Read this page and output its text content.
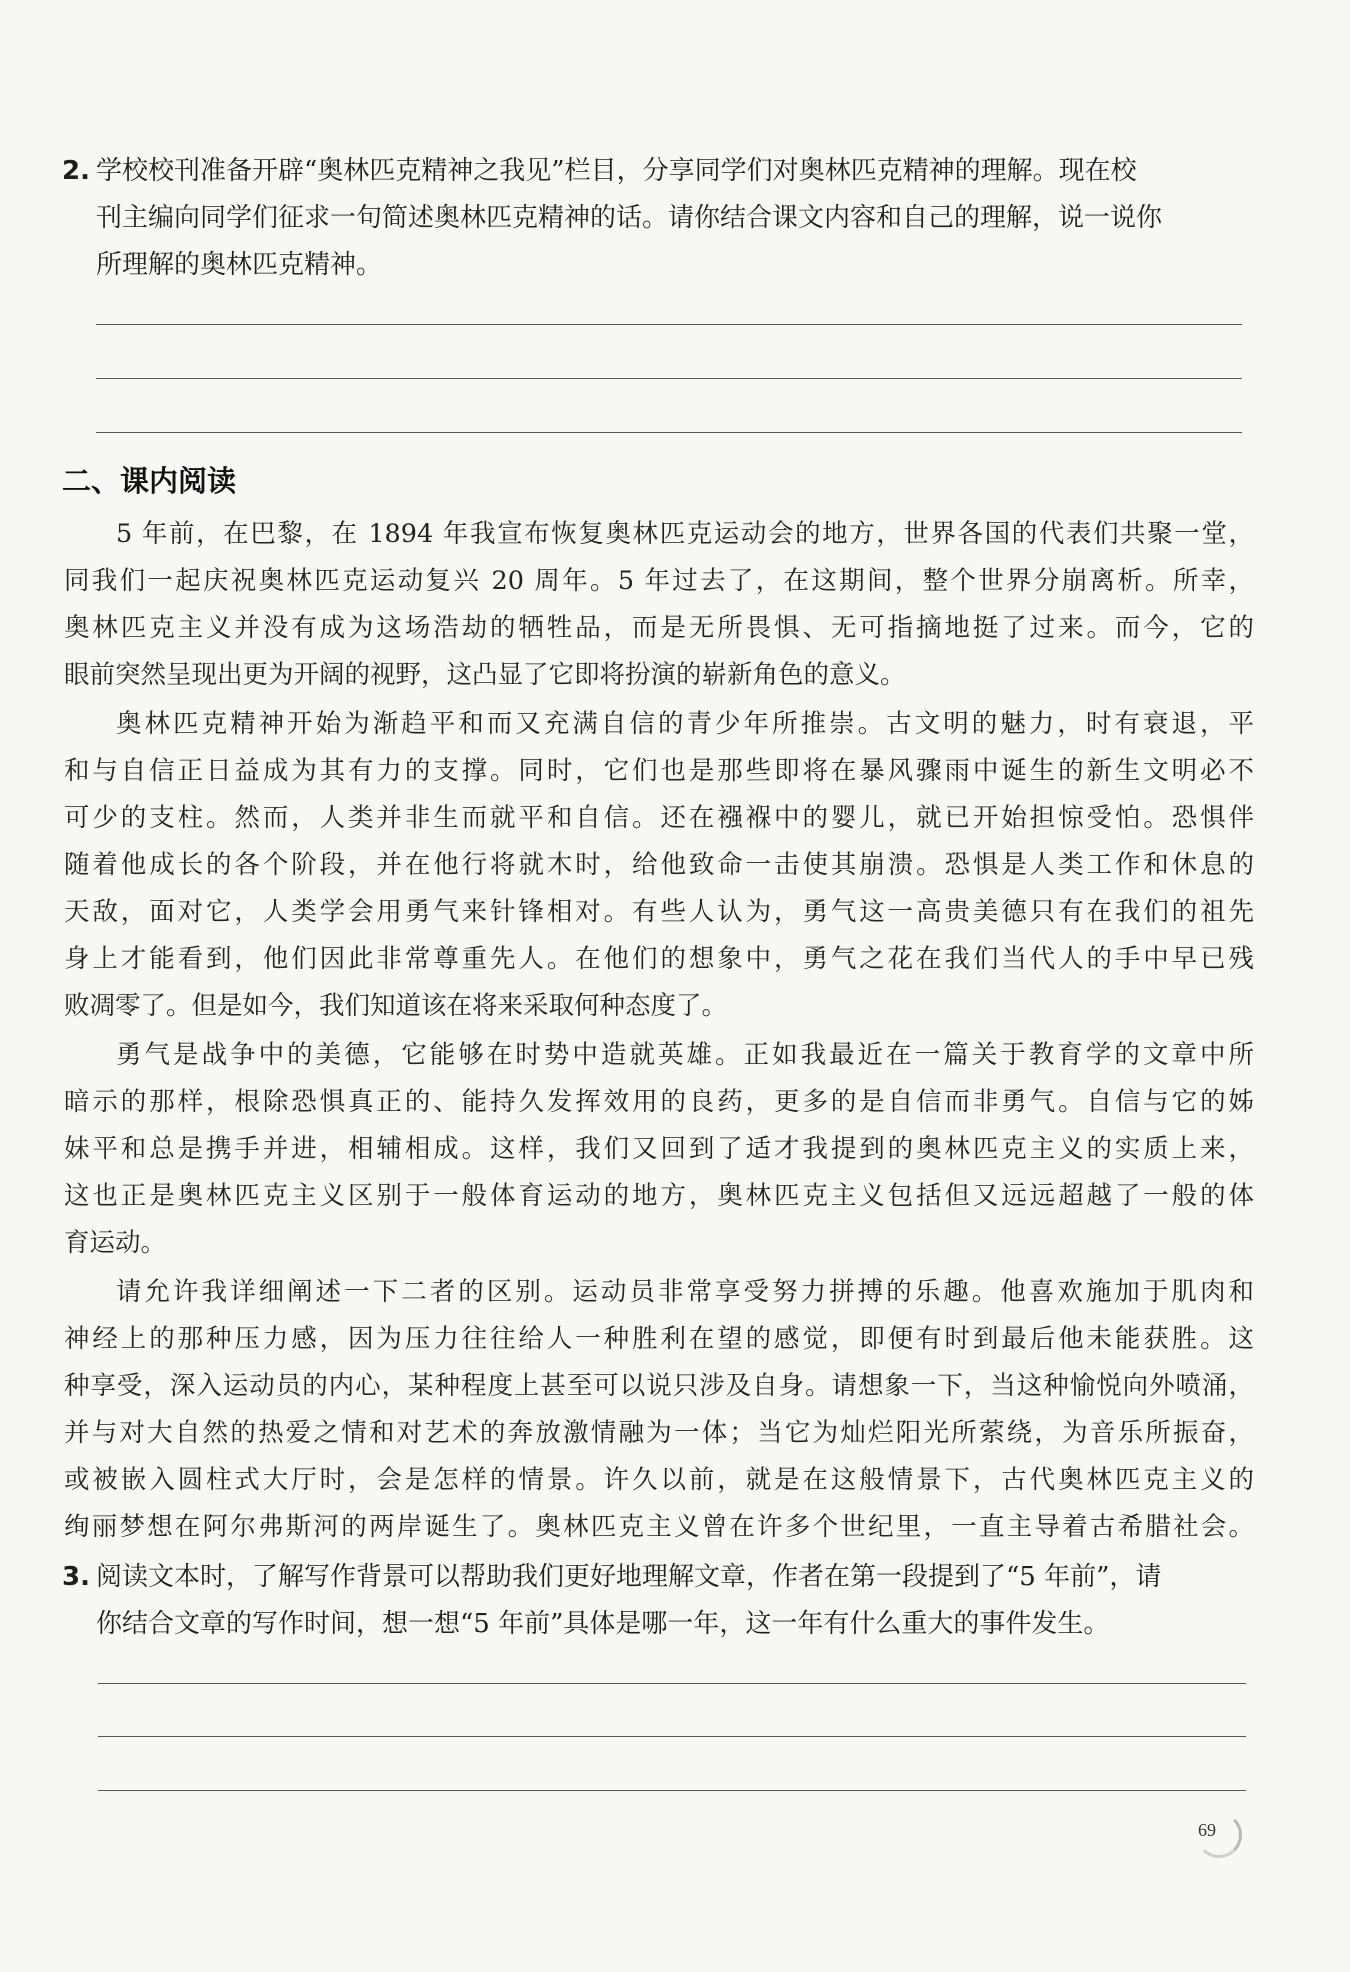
2. 学校校刊准备开辟“奥林匹克精神之我见”栏目，分享同学们对奥林匹克精神的理解。现在校
刊主编向同学们征求一句简述奥林匹克精神的话。请你结合课文内容和自己的理解，说一说你
所理解的奥林匹克精神。
二、课内阅读
5 年前，在巴黎，在 1894 年我宣布恢复奥林匹克运动会的地方，世界各国的代表们共聚一堂，
同我们一起庆祝奥林匹克运动复兴 20 周年。5 年过去了，在这期间，整个世界分崩离析。所幸，
奥林匹克主义并没有成为这场浩劫的牺牲品，而是无所畏惧、无可指摘地挺了过来。而今，它的
眼前突然呈现出更为开阔的视野，这凸显了它即将扮演的崭新角色的意义。
奥林匹克精神开始为渐趋平和而又充满自信的青少年所推崇。古文明的魅力，时有衰退，平
和与自信正日益成为其有力的支撑。同时，它们也是那些即将在暴风骤雨中诞生的新生文明必不
可少的支柱。然而，人类并非生而就平和自信。还在襁褓中的婴儿，就已开始担惊受怕。恐惧伴
随着他成长的各个阶段，并在他行将就木时，给他致命一击使其崩溃。恐惧是人类工作和休息的
天敌，面对它，人类学会用勇气来针锋相对。有些人认为，勇气这一高贵美德只有在我们的祖先
身上才能看到，他们因此非常尊重先人。在他们的想象中，勇气之花在我们当代人的手中早已残
败凋零了。但是如今，我们知道该在将来采取何种态度了。
勇气是战争中的美德，它能够在时势中造就英雄。正如我最近在一篇关于教育学的文章中所
暗示的那样，根除恐惧真正的、能持久发挥效用的良药，更多的是自信而非勇气。自信与它的姊
妹平和总是携手并进，相辅相成。这样，我们又回到了适才我提到的奥林匹克主义的实质上来，
这也正是奥林匹克主义区别于一般体育运动的地方，奥林匹克主义包括但又远远超越了一般的体
育运动。
请允许我详细阐述一下二者的区别。运动员非常享受努力拼搏的乐趣。他喜欢施加于肌肉和
神经上的那种压力感，因为压力往往给人一种胜利在望的感觉，即便有时到最后他未能获胜。这
种享受，深入运动员的内心，某种程度上甚至可以说只涉及自身。请想象一下，当这种愉悦向外喷涌，
并与对大自然的热爱之情和对艺术的奔放激情融为一体；当它为灿烂阳光所萦绕，为音乐所振奋，
或被嵌入圆柱式大厅时，会是怎样的情景。许久以前，就是在这般情景下，古代奥林匹克主义的
绚丽梦想在阿尔弗斯河的两岸诞生了。奥林匹克主义曾在许多个世纪里，一直主导着古希腊社会。
3. 阅读文本时，了解写作背景可以帮助我们更好地理解文章，作者在第一段提到了“5 年前”，请
你结合文章的写作时间，想一想“5 年前”具体是哪一年，这一年有什么重大的事件发生。
69
